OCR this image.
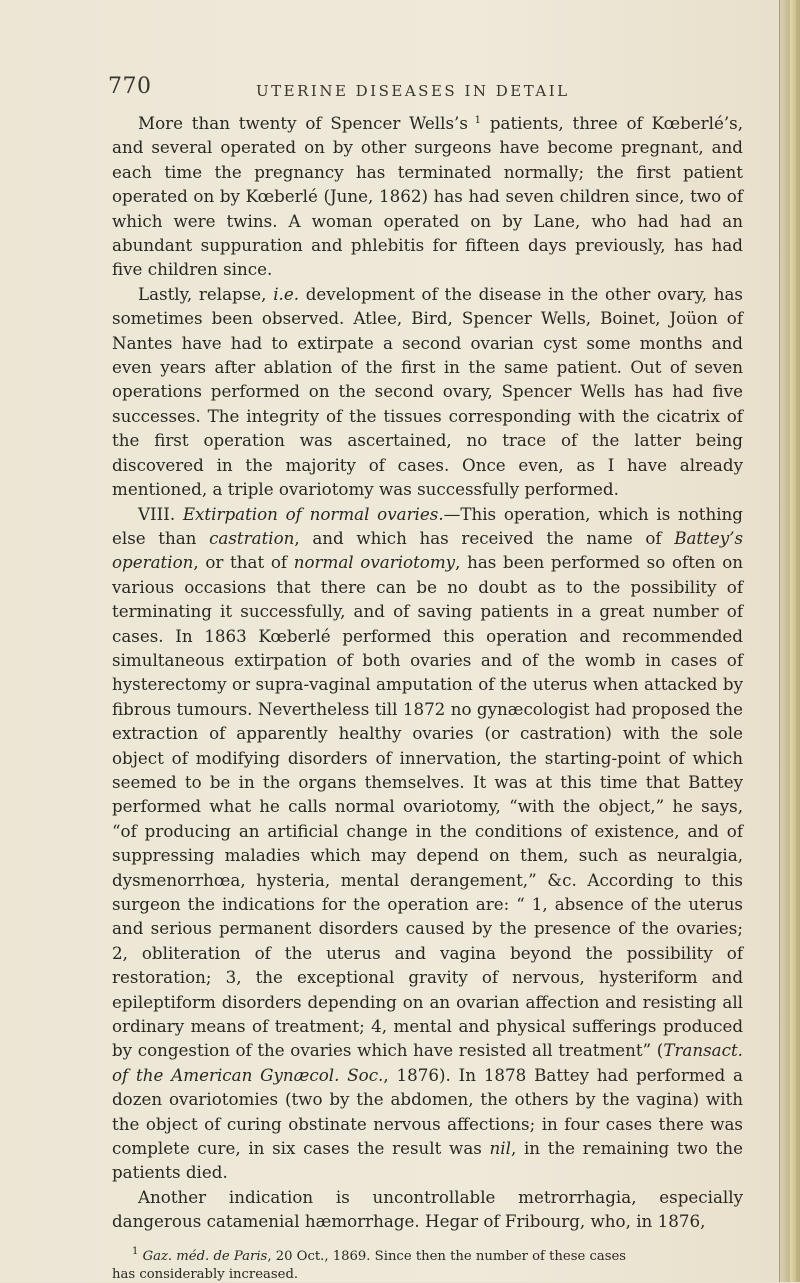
770	UTERINE DISEASES IN DETAIL

More than twenty of Spencer Wells’s $^1$ patients, three of Kœberlé’s, and several operated on by other surgeons have become pregnant, and each time the pregnancy has terminated normally; the first patient operated on by Kœberlé (June, 1862) has had seven children since, two of which were twins. A woman operated on by Lane, who had had an abundant suppuration and phlebitis for fifteen days previously, has had five children since.

Lastly, relapse, i.e. development of the disease in the other ovary, has sometimes been observed. Atlee, Bird, Spencer Wells, Boinet, Joüon of Nantes have had to extirpate a second ovarian cyst some months and even years after ablation of the first in the same patient. Out of seven operations performed on the second ovary, Spencer Wells has had five successes. The integrity of the tissues corresponding with the cicatrix of the first operation was ascertained, no trace of the latter being discovered in the majority of cases. Once even, as I have already mentioned, a triple ovariotomy was successfully performed.

VIII. Extirpation of normal ovaries.—This operation, which is nothing else than castration, and which has received the name of Battey’s operation, or that of normal ovariotomy, has been performed so often on various occasions that there can be no doubt as to the possibility of terminating it successfully, and of saving patients in a great number of cases. In 1863 Kœberlé performed this operation and recommended simultaneous extirpation of both ovaries and of the womb in cases of hysterectomy or supra-vaginal amputation of the uterus when attacked by fibrous tumours. Nevertheless till 1872 no gynæcologist had proposed the extraction of apparently healthy ovaries (or castration) with the sole object of modifying disorders of innervation, the starting-point of which seemed to be in the organs themselves. It was at this time that Battey performed what he calls normal ovariotomy, “with the object,” he says, “of producing an artificial change in the conditions of existence, and of suppressing maladies which may depend on them, such as neuralgia, dysmenorrhœa, hysteria, mental derangement,” &c. According to this surgeon the indications for the operation are: “ 1, absence of the uterus and serious permanent disorders caused by the presence of the ovaries; 2, obliteration of the uterus and vagina beyond the possibility of restoration; 3, the exceptional gravity of nervous, hysteriform and epileptiform disorders depending on an ovarian affection and resisting all ordinary means of treatment; 4, mental and physical sufferings produced by congestion of the ovaries which have resisted all treatment” (Transact. of the American Gynæcol. Soc., 1876). In 1878 Battey had performed a dozen ovariotomies (two by the abdomen, the others by the vagina) with the object of curing obstinate nervous affections; in four cases there was complete cure, in six cases the result was nil, in the remaining two the patients died.

Another indication is uncontrollable metrorrhagia, especially dangerous catamenial hæmorrhage. Hegar of Fribourg, who, in 1876,

$^1$ Gaz. méd. de Paris, 20 Oct., 1869. Since then the number of these cases

has considerably increased.
